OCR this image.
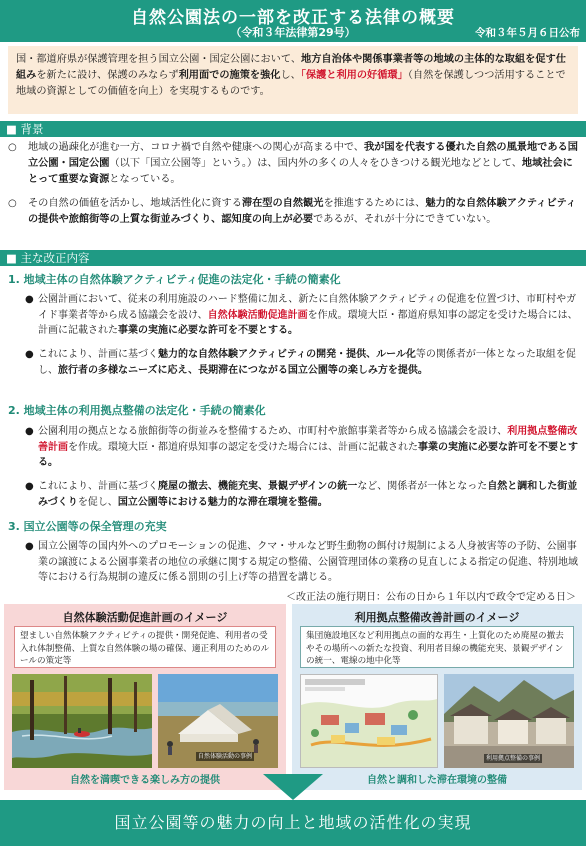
自然公園法の一部を改正する法律の概要
（令和３年法律第29号）	令和３年５月６日公布
国・都道府県が保護管理を担う国立公園・国定公園において、地方自治体や関係事業者等の地域の主体的な取組を促す仕組みを新たに設け、保護のみならず利用面での施策を強化し、「保護と利用の好循環」（自然を保護しつつ活用することで地域の資源としての価値を向上）を実現するものです。
■ 背景
○ 地域の過疎化が進む一方、コロナ禍で自然や健康への関心が高まる中で、我が国を代表する優れた自然の風景地である国立公園・国定公園（以下「国立公園等」という。）は、国内外の多くの人々をひきつける観光地などとして、地域社会にとって重要な資源となっている。
○ その自然の価値を活かし、地域活性化に資する滞在型の自然観光を推進するためには、魅力的な自然体験アクティビティの提供や旅館街等の上質な街並みづくり、認知度の向上が必要であるが、それが十分にできていない。
■ 主な改正内容
1. 地域主体の自然体験アクティビティ促進の法定化・手続の簡素化
● 公園計画において、従来の利用施設のハード整備に加え、新たに自然体験アクティビティの促進を位置づけ、市町村やガイド事業者等から成る協議会を設け、自然体験活動促進計画を作成。環境大臣・都道府県知事の認定を受けた場合には、計画に記載された事業の実施に必要な許可を不要とする。
● これにより、計画に基づく魅力的な自然体験アクティビティの開発・提供、ルール化等の関係者が一体となった取組を促し、旅行者の多様なニーズに応え、長期滞在につながる国立公園等の楽しみ方を提供。
2. 地域主体の利用拠点整備の法定化・手続の簡素化
● 公園利用の拠点となる旅館街等の街並みを整備するため、市町村や旅館事業者等から成る協議会を設け、利用拠点整備改善計画を作成。環境大臣・都道府県知事の認定を受けた場合には、計画に記載された事業の実施に必要な許可を不要とする。
● これにより、計画に基づく廃屋の撤去、機能充実、景観デザインの統一など、関係者が一体となった自然と調和した街並みづくりを促し、国立公園等における魅力的な滞在環境を整備。
3. 国立公園等の保全管理の充実
● 国立公園等の国内外へのプロモーションの促進、クマ・サルなど野生動物の餌付け規制による人身被害等の予防、公園事業の譲渡による公園事業者の地位の承継に関する規定の整備、公園管理団体の業務の見直しによる指定の促進、特別地域等における行為規制の違反に係る罰則の引上げ等の措置を講じる。
＜改正法の施行期日：公布の日から１年以内で政令で定める日＞
自然体験活動促進計画のイメージ
望ましい自然体験アクティビティの提供・開発促進、利用者の受入れ体制整備、上質な自然体験の場の確保、適正利用のためのルールの策定等
自然体験活動の事例
自然を満喫できる楽しみ方の提供
利用拠点整備改善計画のイメージ
集団施設地区など利用拠点の面的な再生・上質化のため廃屋の撤去やその場所への新たな投資、利用者目線の機能充実、景観デザインの統一、電線の地中化等
利用拠点整備の事例
自然と調和した滞在環境の整備
国立公園等の魅力の向上と地域の活性化の実現
